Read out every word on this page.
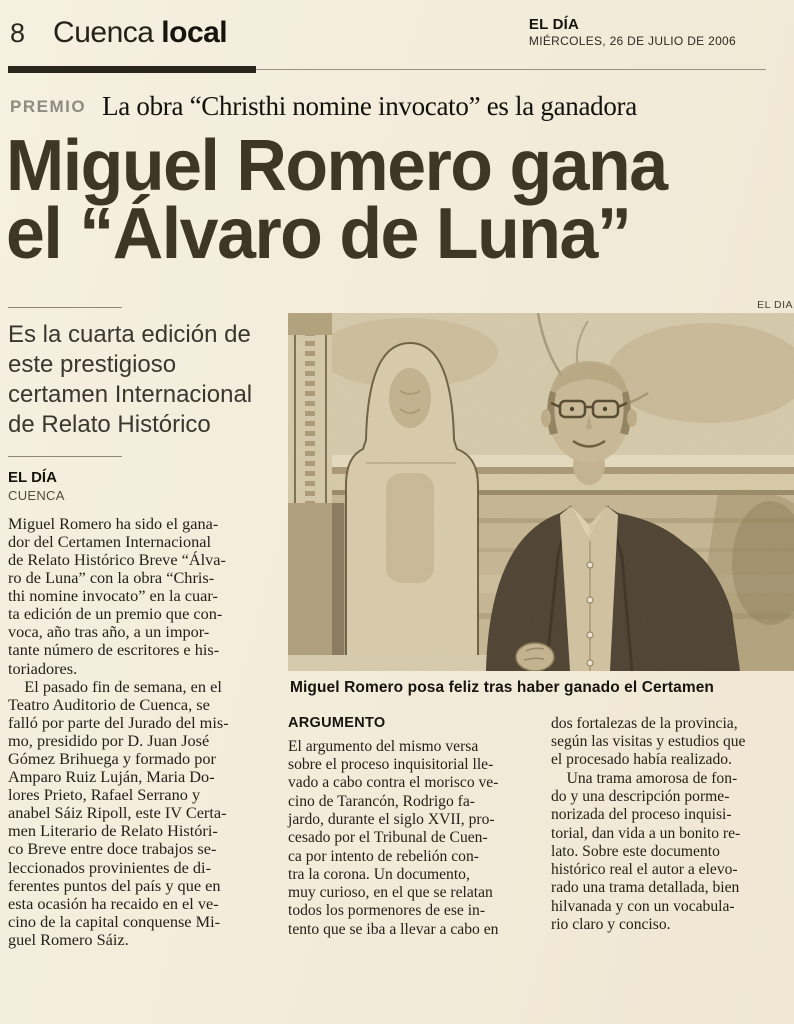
8 Cuenca local	EL DÍA
MIÉRCOLES, 26 DE JULIO DE 2006
PREMIO La obra “Christhi nomine invocato” es la ganadora
Miguel Romero gana
el “Álvaro de Luna”
Es la cuarta edición de
este prestigioso
certamen Internacional
de Relato Histórico
EL DÍA
CUENCA
Miguel Romero ha sido el gana-
dor del Certamen Internacional
de Relato Histórico Breve “Álva-
ro de Luna” con la obra “Chris-
thi nomine invocato” en la cuar-
ta edición de un premio que con-
voca, año tras año, a un impor-
tante número de escritores e his-
toriadores.
 El pasado fin de semana, en el
Teatro Auditorio de Cuenca, se
falló por parte del Jurado del mis-
mo, presidido por D. Juan José
Gómez Brihuega y formado por
Amparo Ruiz Luján, Maria Do-
lores Prieto, Rafael Serrano y
anabel Sáiz Ripoll, este IV Certa-
men Literario de Relato Históri-
co Breve entre doce trabajos se-
leccionados provinientes de di-
ferentes puntos del país y que en
esta ocasión ha recaido en el ve-
cino de la capital conquense Mi-
guel Romero Sáiz.
EL DIA
Miguel Romero posa feliz tras haber ganado el Certamen
ARGUMENTO
El argumento del mismo versa
sobre el proceso inquisitorial lle-
vado a cabo contra el morisco ve-
cino de Tarancón, Rodrigo fa-
jardo, durante el siglo XVII, pro-
cesado por el Tribunal de Cuen-
ca por intento de rebelión con-
tra la corona. Un documento,
muy curioso, en el que se relatan
todos los pormenores de ese in-
tento que se iba a llevar a cabo en
dos fortalezas de la provincia,
según las visitas y estudios que
el procesado había realizado.
 Una trama amorosa de fon-
do y una descripción porme-
norizada del proceso inquisi-
torial, dan vida a un bonito re-
lato. Sobre este documento
histórico real el autor a elevo-
rado una trama detallada, bien
hilvanada y con un vocabula-
rio claro y conciso.
